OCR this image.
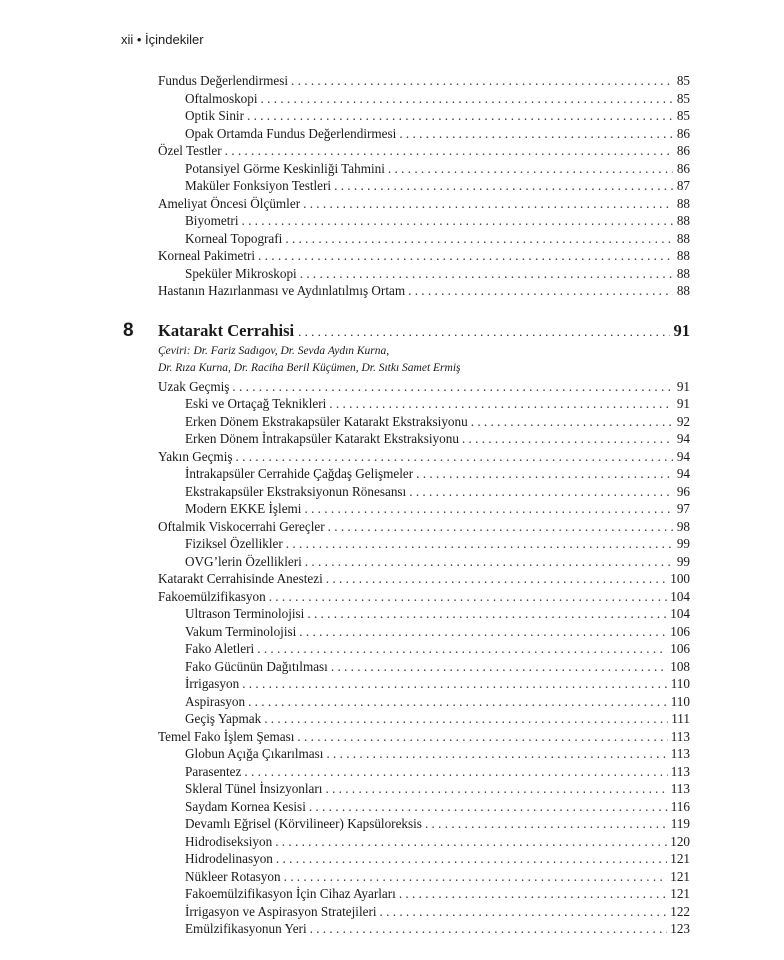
xii • İçindekiler
Fundus Değerlendirmesi . . .	85
Oftalmoskopi . . .	85
Optik Sinir . . .	85
Opak Ortamda Fundus Değerlendirmesi . . .	86
Özel Testler . . .	86
Potansiyel Görme Keskinliği Tahmini . . .	86
Maküler Fonksiyon Testleri . . .	87
Ameliyat Öncesi Ölçümler . . .	88
Biyometri . . .	88
Korneal Topografi . . .	88
Korneal Pakimetri . . .	88
Speküler Mikroskopi . . .	88
Hastanın Hazırlanması ve Aydınlatılmış Ortam . . .	88
8 Katarakt Cerrahisi . . .	91
Çeviri: Dr. Fariz Sadıgov, Dr. Sevda Aydın Kurna,
Dr. Rıza Kurna, Dr. Raciha Beril Küçümen, Dr. Sıtkı Samet Ermiş
Uzak Geçmiş . . .	91
Eski ve Ortaçağ Teknikleri . . .	91
Erken Dönem Ekstrakapsüler Katarakt Ekstraksiyonu . . .	92
Erken Dönem İntrakapsüler Katarakt Ekstraksiyonu . . .	94
Yakın Geçmiş . . .	94
İntrakapsüler Cerrahide Çağdaş Gelişmeler . . .	94
Ekstrakapsüler Ekstraksiyonun Rönesansı . . .	96
Modern EKKE İşlemi . . .	97
Oftalmik Viskocerrahi Gereçler . . .	98
Fiziksel Özellikler . . .	99
OVG’lerin Özellikleri . . .	99
Katarakt Cerrahisinde Anestezi . . .	100
Fakoemülzifikasyon . . .	104
Ultrason Terminolojisi . . .	104
Vakum Terminolojisi . . .	106
Fako Aletleri . . .	106
Fako Gücünün Dağıtılması . . .	108
İrrigasyon . . .	110
Aspirasyon . . .	110
Geçiş Yapmak . . .	111
Temel Fako İşlem Şeması . . .	113
Globun Açığa Çıkarılması . . .	113
Parasentez . . .	113
Skleral Tünel İnsizyonları . . .	113
Saydam Kornea Kesisi . . .	116
Devamlı Eğrisel (Körvilineer) Kapsüloreksis . . .	119
Hidrodiseksiyon . . .	120
Hidrodelinasyon . . .	121
Nükleer Rotasyon . . .	121
Fakoemülzifikasyon İçin Cihaz Ayarları . . .	121
İrrigasyon ve Aspirasyon Stratejileri . . .	122
Emülzifikasyonun Yeri . . .	123
